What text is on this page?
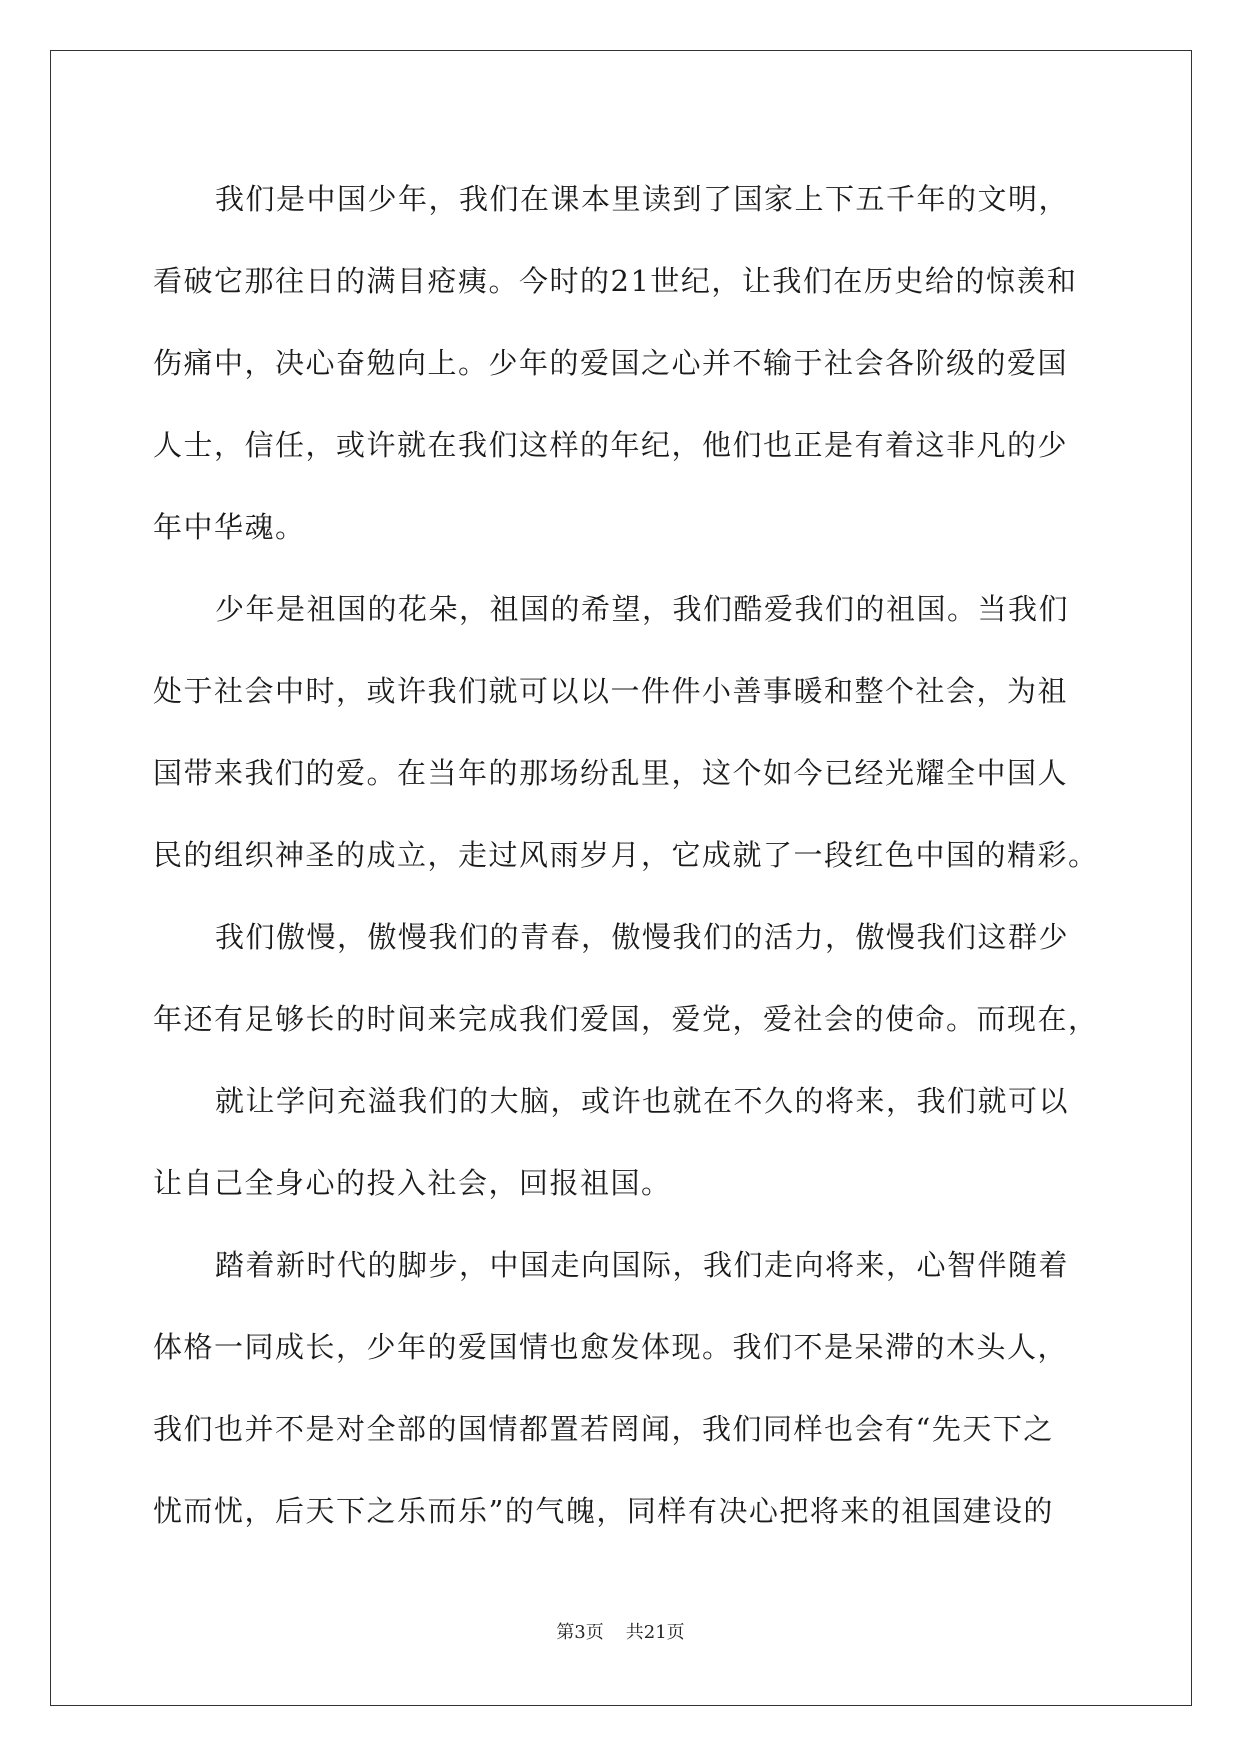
我们是中国少年，我们在课本里读到了国家上下五千年的文明，
看破它那往日的满目疮痍。今时的21世纪，让我们在历史给的惊羡和
伤痛中，决心奋勉向上。少年的爱国之心并不输于社会各阶级的爱国
人士，信任，或许就在我们这样的年纪，他们也正是有着这非凡的少
年中华魂。
少年是祖国的花朵，祖国的希望，我们酷爱我们的祖国。当我们
处于社会中时，或许我们就可以以一件件小善事暖和整个社会，为祖
国带来我们的爱。在当年的那场纷乱里，这个如今已经光耀全中国人
民的组织神圣的成立，走过风雨岁月，它成就了一段红色中国的精彩。
我们傲慢，傲慢我们的青春，傲慢我们的活力，傲慢我们这群少
年还有足够长的时间来完成我们爱国，爱党，爱社会的使命。而现在，
就让学问充溢我们的大脑，或许也就在不久的将来，我们就可以
让自己全身心的投入社会，回报祖国。
踏着新时代的脚步，中国走向国际，我们走向将来，心智伴随着
体格一同成长，少年的爱国情也愈发体现。我们不是呆滞的木头人，
我们也并不是对全部的国情都置若罔闻，我们同样也会有“先天下之
忧而忧，后天下之乐而乐”的气魄，同样有决心把将来的祖国建设的
第3页 共21页
